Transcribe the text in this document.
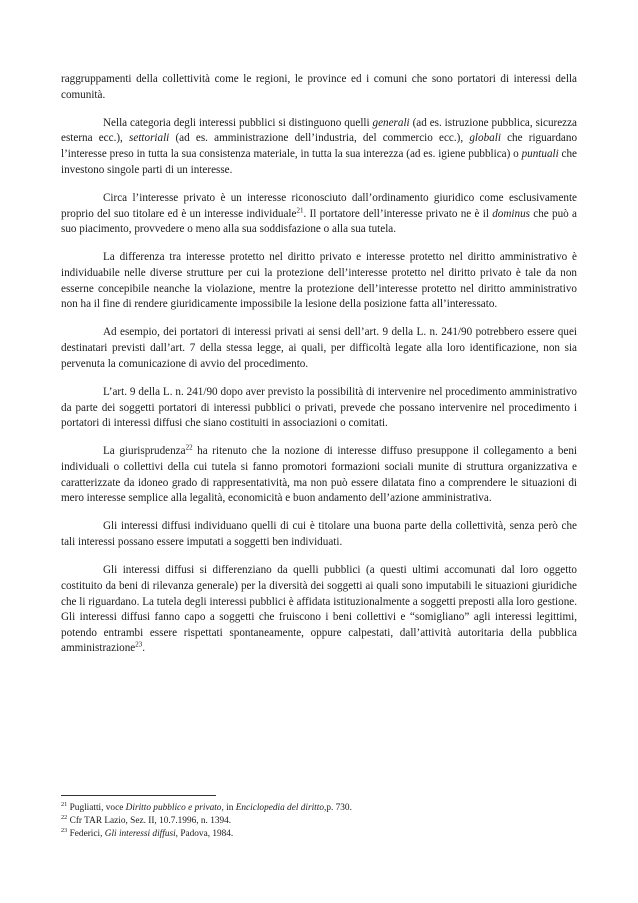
raggruppamenti della collettività come le regioni, le province ed i comuni che sono portatori di interessi della comunità.

Nella categoria degli interessi pubblici si distinguono quelli generali (ad es. istruzione pubblica, sicurezza esterna ecc.), settoriali (ad es. amministrazione dell’industria, del commercio ecc.), globali che riguardano l’interesse preso in tutta la sua consistenza materiale, in tutta la sua interezza (ad es. igiene pubblica) o puntuali che investono singole parti di un interesse.

Circa l’interesse privato è un interesse riconosciuto dall’ordinamento giuridico come esclusivamente proprio del suo titolare ed è un interesse individuale$^{21}$. Il portatore dell’interesse privato ne è il dominus che può a suo piacimento, provvedere o meno alla sua soddisfazione o alla sua tutela.

La differenza tra interesse protetto nel diritto privato e interesse protetto nel diritto amministrativo è individuabile nelle diverse strutture per cui la protezione dell’interesse protetto nel diritto privato è tale da non esserne concepibile neanche la violazione, mentre la protezione dell’interesse protetto nel diritto amministrativo non ha il fine di rendere giuridicamente impossibile la lesione della posizione fatta all’interessato.

Ad esempio, dei portatori di interessi privati ai sensi dell’art. 9 della L. n. 241/90 potrebbero essere quei destinatari previsti dall’art. 7 della stessa legge, ai quali, per difficoltà legate alla loro identificazione, non sia pervenuta la comunicazione di avvio del procedimento.

L’art. 9 della L. n. 241/90 dopo aver previsto la possibilità di intervenire nel procedimento amministrativo da parte dei soggetti portatori di interessi pubblici o privati, prevede che possano intervenire nel procedimento i portatori di interessi diffusi che siano costituiti in associazioni o comitati.

La giurisprudenza$^{22}$ ha ritenuto che la nozione di interesse diffuso presuppone il collegamento a beni individuali o collettivi della cui tutela si fanno promotori formazioni sociali munite di struttura organizzativa e caratterizzate da idoneo grado di rappresentatività, ma non può essere dilatata fino a comprendere le situazioni di mero interesse semplice alla legalità, economicità e buon andamento dell’azione amministrativa.

Gli interessi diffusi individuano quelli di cui è titolare una buona parte della collettività, senza però che tali interessi possano essere imputati a soggetti ben individuati.

Gli interessi diffusi si differenziano da quelli pubblici (a questi ultimi accomunati dal loro oggetto costituito da beni di rilevanza generale) per la diversità dei soggetti ai quali sono imputabili le situazioni giuridiche che li riguardano. La tutela degli interessi pubblici è affidata istituzionalmente a soggetti preposti alla loro gestione. Gli interessi diffusi fanno capo a soggetti che fruiscono i beni collettivi e “somigliano” agli interessi legittimi, potendo entrambi essere rispettati spontaneamente, oppure calpestati, dall’attività autoritaria della pubblica amministrazione$^{23}$.

$^{21}$ Pugliatti, voce Diritto pubblico e privato, in Enciclopedia del diritto,p. 730.

$^{22}$ Cfr TAR Lazio, Sez. II, 10.7.1996, n. 1394.

$^{23}$ Federici, Gli interessi diffusi, Padova, 1984.
